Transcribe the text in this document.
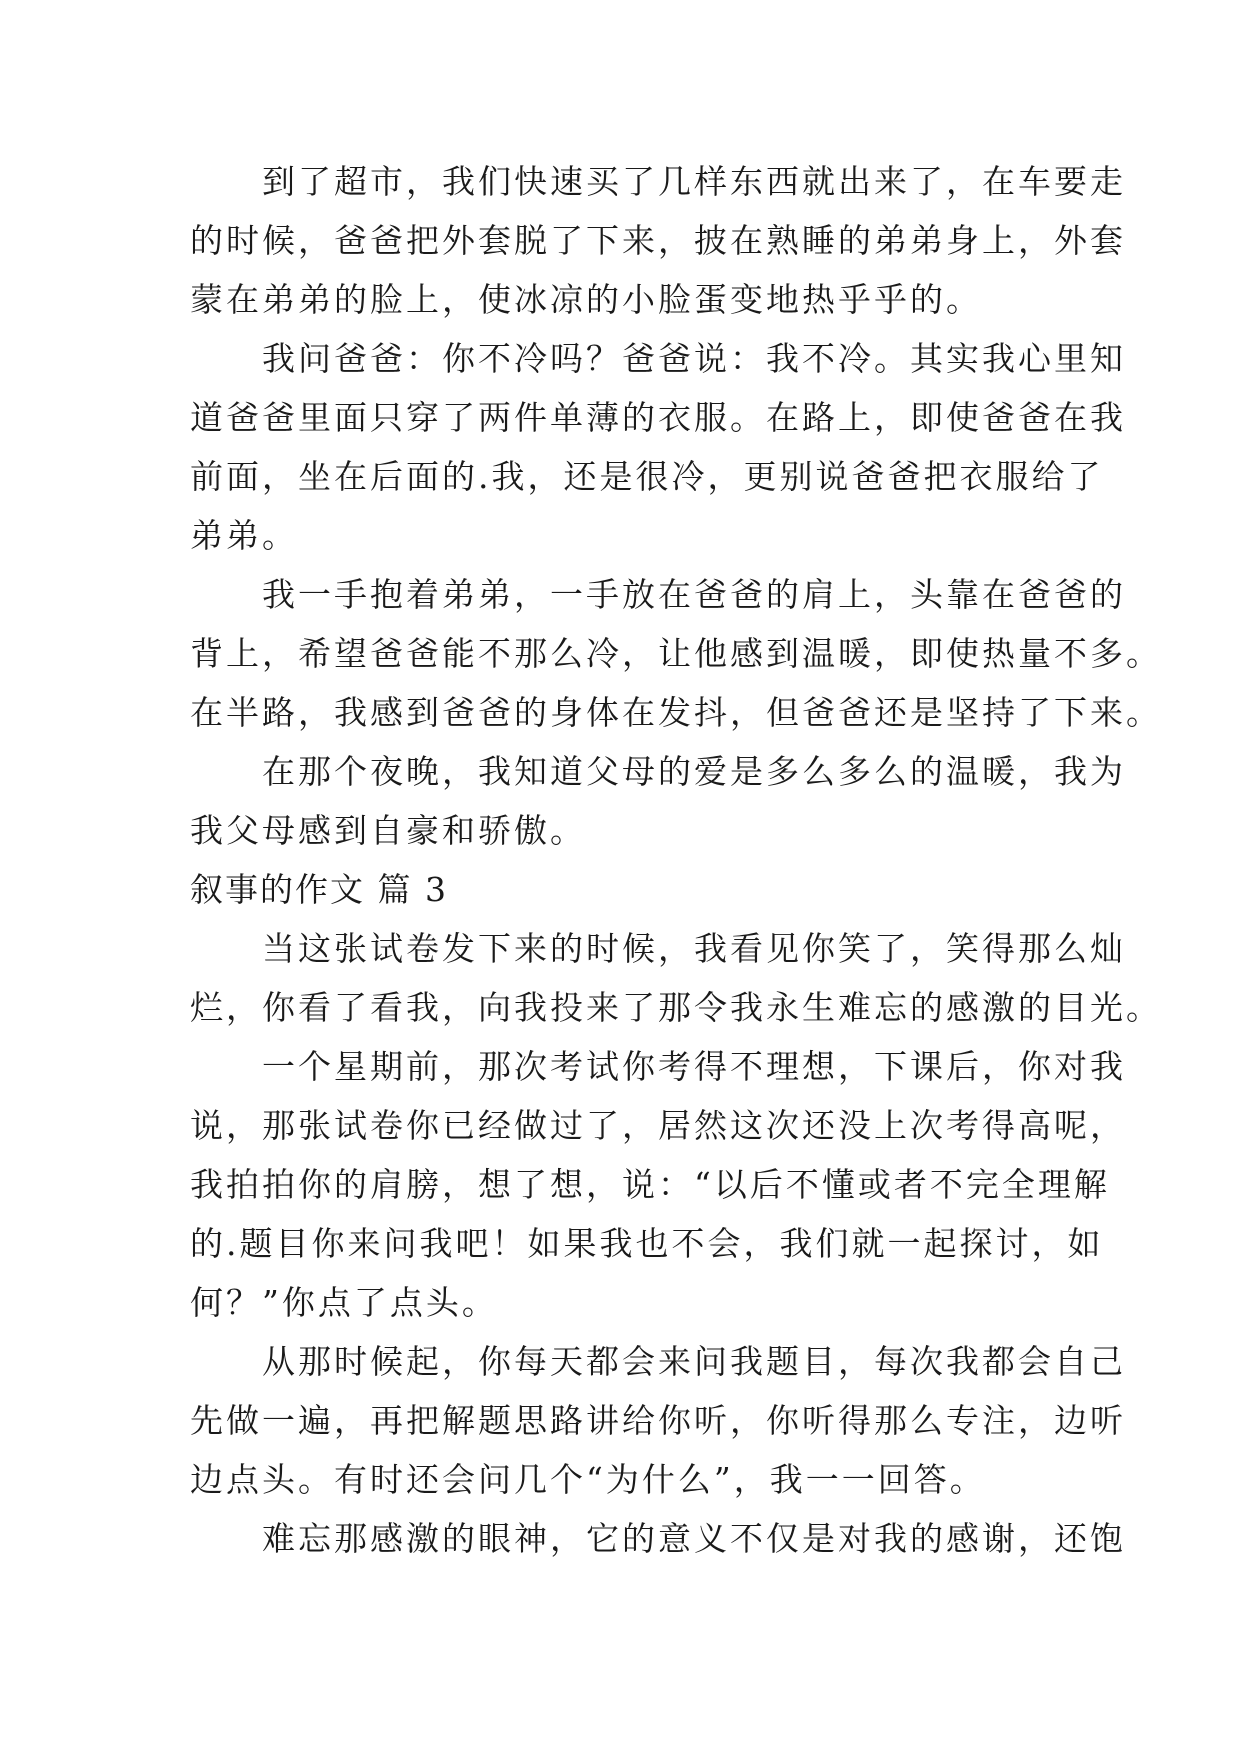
　　到了超市，我们快速买了几样东西就出来了，在车要走
的时候，爸爸把外套脱了下来，披在熟睡的弟弟身上，外套
蒙在弟弟的脸上，使冰凉的小脸蛋变地热乎乎的。
　　我问爸爸：你不冷吗？爸爸说：我不冷。其实我心里知
道爸爸里面只穿了两件单薄的衣服。在路上，即使爸爸在我
前面，坐在后面的.我，还是很冷，更别说爸爸把衣服给了
弟弟。
　　我一手抱着弟弟，一手放在爸爸的肩上，头靠在爸爸的
背上，希望爸爸能不那么冷，让他感到温暖，即使热量不多。
在半路，我感到爸爸的身体在发抖，但爸爸还是坚持了下来。
　　在那个夜晚，我知道父母的爱是多么多么的温暖，我为
我父母感到自豪和骄傲。
叙事的作文 篇 3
　　当这张试卷发下来的时候，我看见你笑了，笑得那么灿
烂，你看了看我，向我投来了那令我永生难忘的感激的目光。
　　一个星期前，那次考试你考得不理想，下课后，你对我
说，那张试卷你已经做过了，居然这次还没上次考得高呢，
我拍拍你的肩膀，想了想，说：“以后不懂或者不完全理解
的.题目你来问我吧！如果我也不会，我们就一起探讨，如
何？”你点了点头。
　　从那时候起，你每天都会来问我题目，每次我都会自己
先做一遍，再把解题思路讲给你听，你听得那么专注，边听
边点头。有时还会问几个“为什么”，我一一回答。
　　难忘那感激的眼神，它的意义不仅是对我的感谢，还饱
